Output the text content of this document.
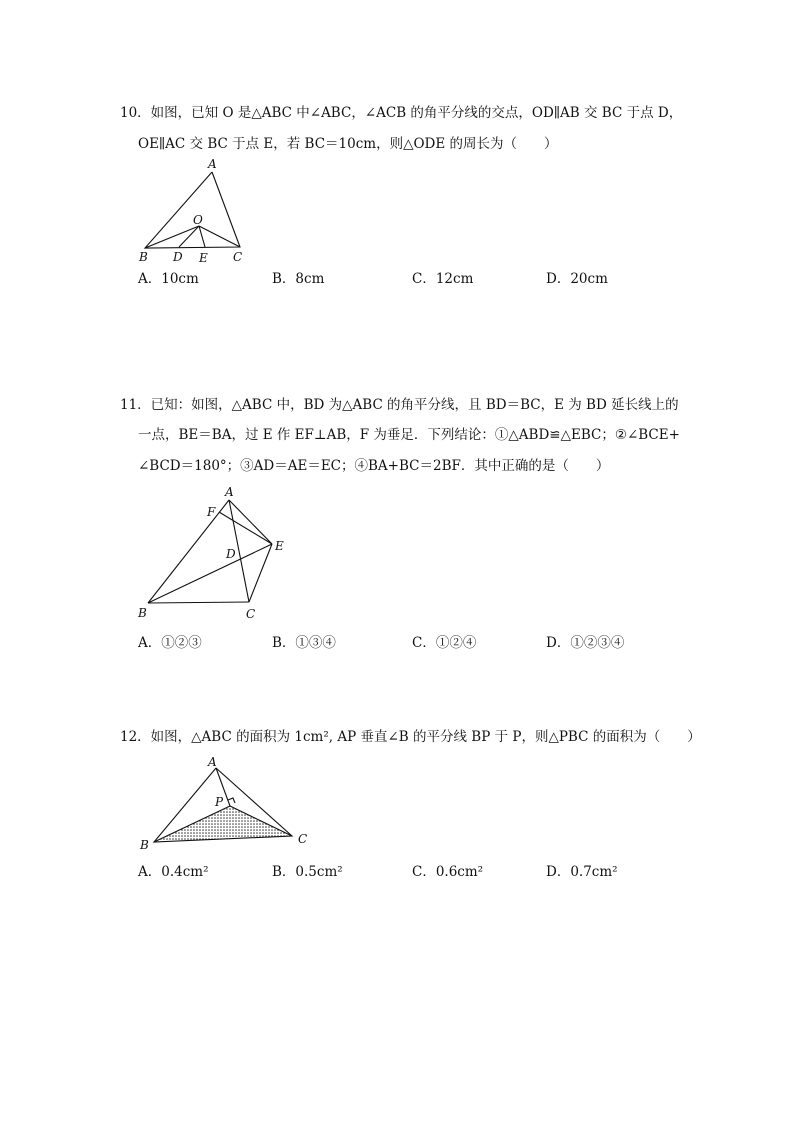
10．如图，已知 O 是△ABC 中∠ABC，∠ACB 的角平分线的交点，OD∥AB 交 BC 于点 D，
OE∥AC 交 BC 于点 E，若 BC＝10cm，则△ODE 的周长为（　　）
A
O
B D E C
A．10cm	B．8cm	C．12cm	D．20cm
11．已知：如图，△ABC 中，BD 为△ABC 的角平分线，且 BD＝BC，E 为 BD 延长线上的
一点，BE＝BA，过 E 作 EF⊥AB，F 为垂足．下列结论：①△ABD≌△EBC；②∠BCE+
∠BCD＝180°；③AD＝AE＝EC；④BA+BC＝2BF．其中正确的是（　　）
A
F
E
D
B	C
A．①②③	B．①③④	C．①②④	D．①②③④
12．如图，△ABC 的面积为 1cm², AP 垂直∠B 的平分线 BP 于 P，则△PBC 的面积为（　　）
A
P
B	C
A．0.4cm²	B．0.5cm²	C．0.6cm²	D．0.7cm²
